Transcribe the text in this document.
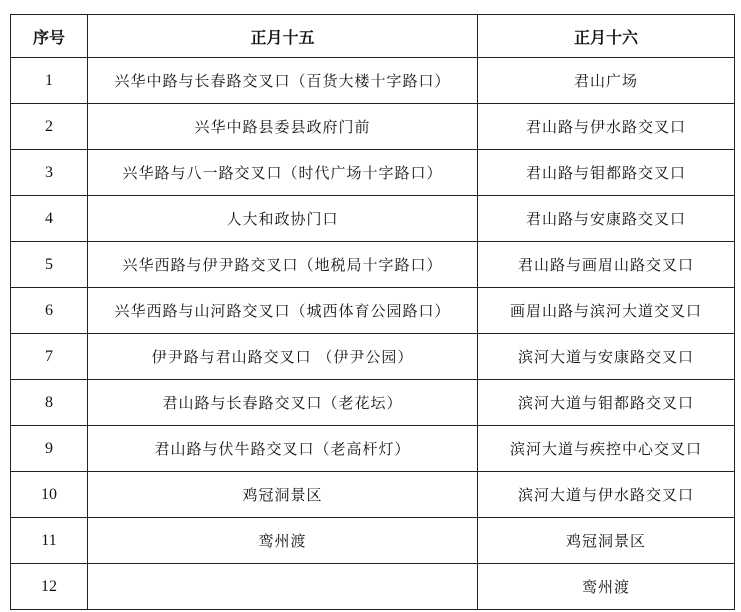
序号	正月十五	正月十六
1	兴华中路与长春路交叉口（百货大楼十字路口）	君山广场
2	兴华中路县委县政府门前	君山路与伊水路交叉口
3	兴华路与八一路交叉口（时代广场十字路口）	君山路与钼都路交叉口
4	人大和政协门口	君山路与安康路交叉口
5	兴华西路与伊尹路交叉口（地税局十字路口）	君山路与画眉山路交叉口
6	兴华西路与山河路交叉口（城西体育公园路口）	画眉山路与滨河大道交叉口
7	伊尹路与君山路交叉口 （伊尹公园）	滨河大道与安康路交叉口
8	君山路与长春路交叉口（老花坛）	滨河大道与钼都路交叉口
9	君山路与伏牛路交叉口（老高杆灯）	滨河大道与疾控中心交叉口
10	鸡冠洞景区	滨河大道与伊水路交叉口
11	鸾州渡	鸡冠洞景区
12		鸾州渡
